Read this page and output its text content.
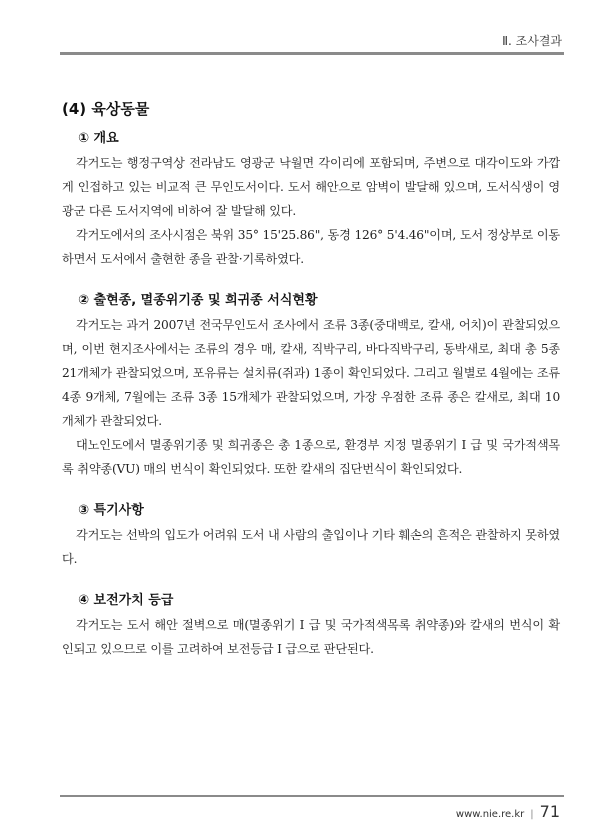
Ⅱ. 조사결과
(4) 육상동물
① 개요

각거도는 행정구역상 전라남도 영광군 낙월면 각이리에 포함되며, 주변으로 대각이도와 가깝게 인접하고 있는 비교적 큰 무인도서이다. 도서 해안으로 암벽이 발달해 있으며, 도서식생이 영광군 다른 도서지역에 비하여 잘 발달해 있다.

각거도에서의 조사시점은 북위 35° 15'25.86", 동경 126° 5'4.46"이며, 도서 정상부로 이동하면서 도서에서 출현한 종을 관찰·기록하였다.

② 출현종, 멸종위기종 및 희귀종 서식현황

각거도는 과거 2007년 전국무인도서 조사에서 조류 3종(중대백로, 칼새, 어치)이 관찰되었으며, 이번 현지조사에서는 조류의 경우 매, 칼새, 직박구리, 바다직박구리, 동박새로, 최대 총 5종 21개체가 관찰되었으며, 포유류는 설치류(쥐과) 1종이 확인되었다. 그리고 월별로 4월에는 조류 4종 9개체, 7월에는 조류 3종 15개체가 관찰되었으며, 가장 우점한 조류 종은 칼새로, 최대 10개체가 관찰되었다.

대노인도에서 멸종위기종 및 희귀종은 총 1종으로, 환경부 지정 멸종위기 I 급 및 국가적색목록 취약종(VU) 매의 번식이 확인되었다. 또한 칼새의 집단번식이 확인되었다.

③ 특기사항

각거도는 선박의 입도가 어려워 도서 내 사람의 출입이나 기타 훼손의 흔적은 관찰하지 못하였다.

④ 보전가치 등급

각거도는 도서 해안 절벽으로 매(멸종위기 I 급 및 국가적색목록 취약종)와 칼새의 번식이 확인되고 있으므로 이를 고려하여 보전등급 I 급으로 판단된다.

www.nie.re.kr | 71
